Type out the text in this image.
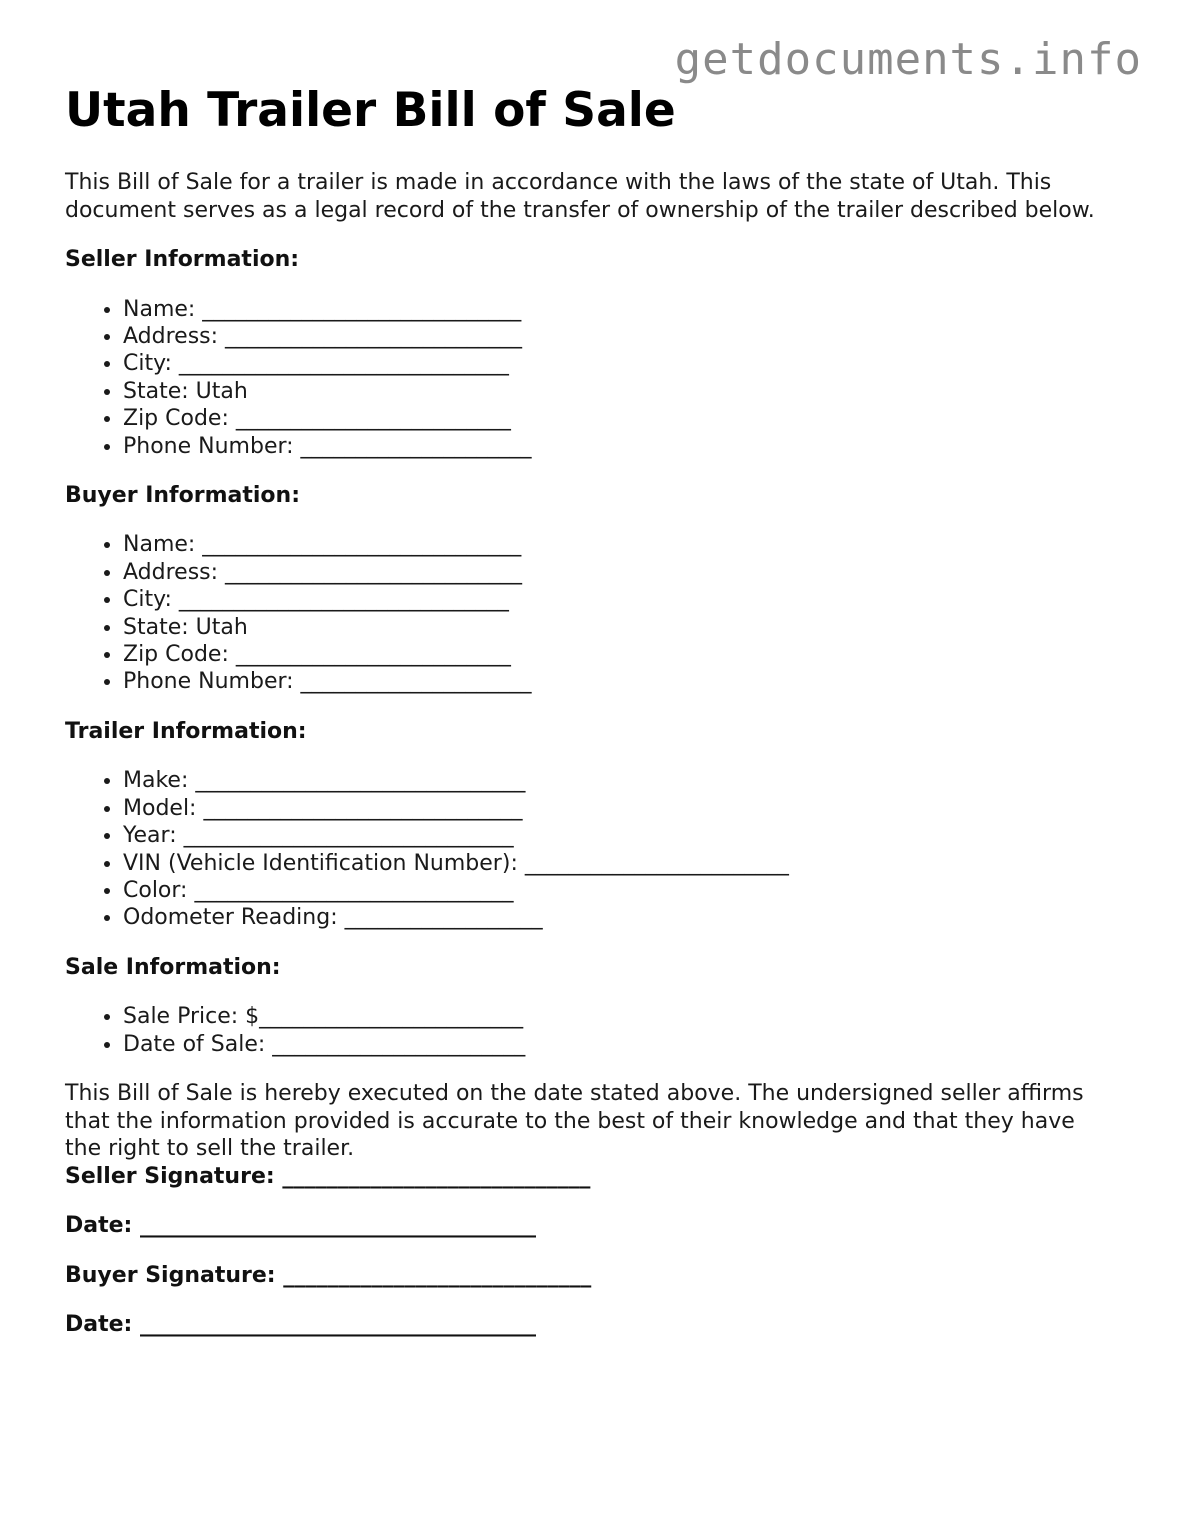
getdocuments.info
Utah Trailer Bill of Sale

This Bill of Sale for a trailer is made in accordance with the laws of the state of Utah. This document serves as a legal record of the transfer of ownership of the trailer described below.

Seller Information:
• Name: _____________________________
• Address: ___________________________
• City: ______________________________
• State: Utah
• Zip Code: _________________________
• Phone Number: _____________________
Buyer Information:
• Name: _____________________________
• Address: ___________________________
• City: ______________________________
• State: Utah
• Zip Code: _________________________
• Phone Number: _____________________
Trailer Information:
• Make: ______________________________
• Model: _____________________________
• Year: ______________________________
• VIN (Vehicle Identification Number): ________________________
• Color: _____________________________
• Odometer Reading: __________________
Sale Information:
• Sale Price: $________________________
• Date of Sale: _______________________

This Bill of Sale is hereby executed on the date stated above. The undersigned seller affirms that the information provided is accurate to the best of their knowledge and that they have the right to sell the trailer.

Seller Signature: ____________________________
Date: ____________________________________
Buyer Signature: ____________________________
Date: ____________________________________
